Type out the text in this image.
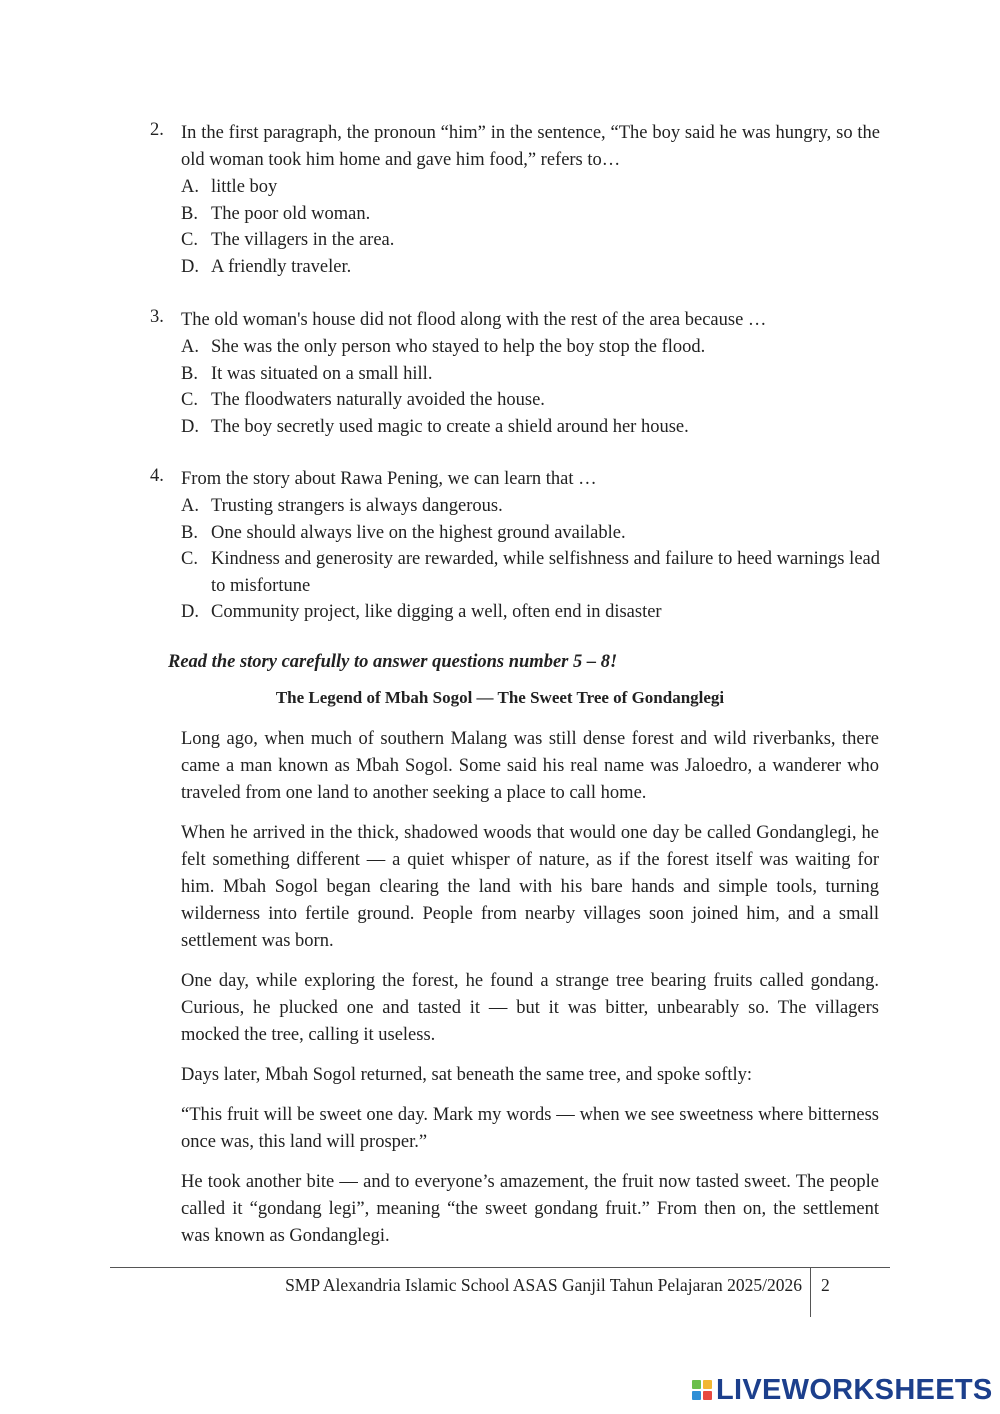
2. In the first paragraph, the pronoun “him” in the sentence, “The boy said he was hungry, so the old woman took him home and gave him food,” refers to…
A. little boy
B. The poor old woman.
C. The villagers in the area.
D. A friendly traveler.
3. The old woman's house did not flood along with the rest of the area because …
A. She was the only person who stayed to help the boy stop the flood.
B. It was situated on a small hill.
C. The floodwaters naturally avoided the house.
D. The boy secretly used magic to create a shield around her house.
4. From the story about Rawa Pening, we can learn that …
A. Trusting strangers is always dangerous.
B. One should always live on the highest ground available.
C. Kindness and generosity are rewarded, while selfishness and failure to heed warnings lead to misfortune
D. Community project, like digging a well, often end in disaster
Read the story carefully to answer questions number 5 – 8!
The Legend of Mbah Sogol — The Sweet Tree of Gondanglegi

Long ago, when much of southern Malang was still dense forest and wild riverbanks, there came a man known as Mbah Sogol. Some said his real name was Jaloedro, a wanderer who traveled from one land to another seeking a place to call home.

When he arrived in the thick, shadowed woods that would one day be called Gondanglegi, he felt something different — a quiet whisper of nature, as if the forest itself was waiting for him. Mbah Sogol began clearing the land with his bare hands and simple tools, turning wilderness into fertile ground. People from nearby villages soon joined him, and a small settlement was born.

One day, while exploring the forest, he found a strange tree bearing fruits called gondang. Curious, he plucked one and tasted it — but it was bitter, unbearably so. The villagers mocked the tree, calling it useless.

Days later, Mbah Sogol returned, sat beneath the same tree, and spoke softly:

“This fruit will be sweet one day. Mark my words — when we see sweetness where bitterness once was, this land will prosper.”

He took another bite — and to everyone’s amazement, the fruit now tasted sweet. The people called it “gondang legi”, meaning “the sweet gondang fruit.” From then on, the settlement was known as Gondanglegi.

SMP Alexandria Islamic School ASAS Ganjil Tahun Pelajaran 2025/2026 2
LIVEWORKSHEETS
